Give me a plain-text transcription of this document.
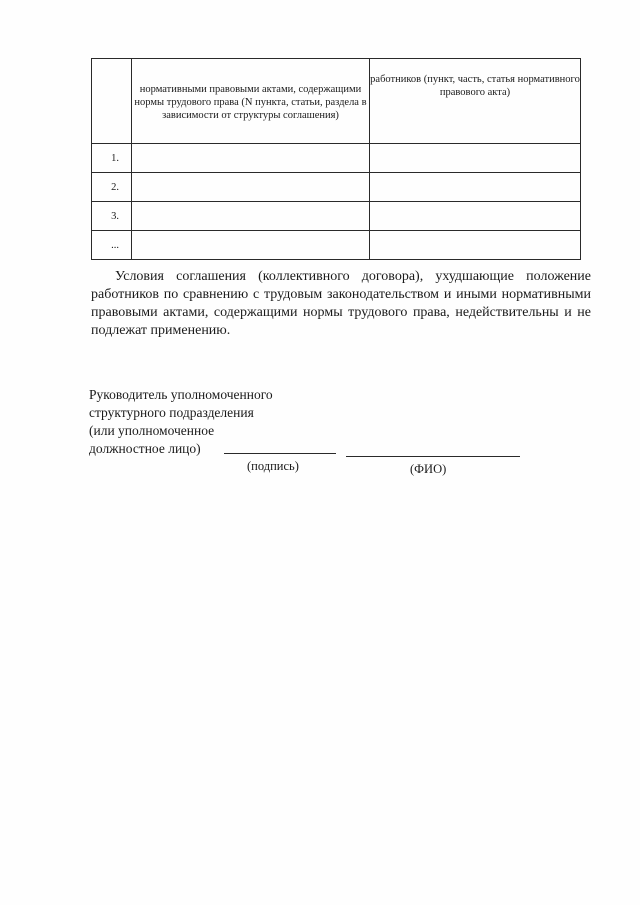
	нормативными правовыми актами, содержащими нормы трудового права (N пункта, статьи, раздела в зависимости от структуры соглашения)	работников (пункт, часть, статья нормативного правового акта)
1.		
2.		
3.		
...		

Условия соглашения (коллективного договора), ухудшающие положение работников по сравнению с трудовым законодательством и иными нормативными правовыми актами, содержащими нормы трудового права, недействительны и не подлежат применению.

Руководитель уполномоченного
структурного подразделения
(или уполномоченное
должностное лицо)
(подпись)	(ФИО)
